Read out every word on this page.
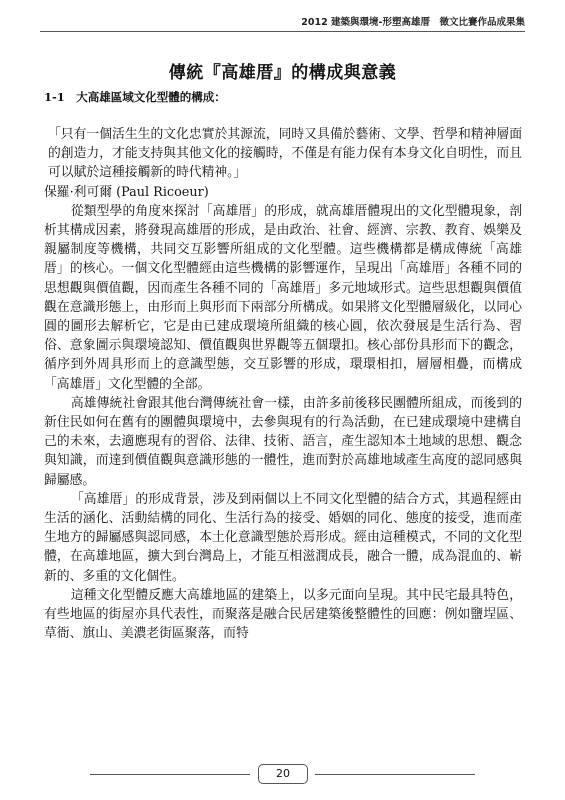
2012 建築與環境-形塑高雄厝　徵文比賽作品成果集
傳統『高雄厝』的構成與意義
1-1　大高雄區域文化型體的構成：

「只有一個活生生的文化忠實於其源流，同時又具備於藝術、文學、哲學和精神層面的創造力，才能支持與其他文化的接觸時，不僅是有能力保有本身文化自明性，而且可以賦於這種接觸新的時代精神。」

保羅·利可爾 (Paul Ricoeur)

從類型學的角度來探討「高雄厝」的形成，就高雄厝體現出的文化型體現象，剖析其構成因素，將發現高雄厝的形成，是由政治、社會、經濟、宗教、教育、娛樂及親屬制度等機構，共同交互影響所組成的文化型體。這些機構都是構成傳統「高雄厝」的核心。一個文化型體經由這些機構的影響運作，呈現出「高雄厝」各種不同的思想觀與價值觀，因而產生各種不同的「高雄厝」多元地域形式。這些思想觀與價值觀在意識形態上，由形而上與形而下兩部分所構成。如果將文化型體層級化，以同心圓的圖形去解析它，它是由已建成環境所組織的核心圓，依次發展是生活行為、習俗、意象圖示與環境認知、價值觀與世界觀等五個環扣。核心部份具形而下的觀念，循序到外周具形而上的意識型態，交互影響的形成，環環相扣，層層相疊，而構成「高雄厝」文化型體的全部。

高雄傳統社會跟其他台灣傳統社會一樣，由許多前後移民團體所組成，而後到的新住民如何在舊有的團體與環境中，去參與現有的行為活動，在已建成環境中建構自己的未來，去適應現有的習俗、法律、技術、語言，產生認知本土地域的思想、觀念與知識，而達到價值觀與意識形態的一體性，進而對於高雄地域產生高度的認同感與歸屬感。

「高雄厝」的形成背景，涉及到兩個以上不同文化型體的結合方式，其過程經由生活的涵化、活動結構的同化、生活行為的接受、婚姻的同化、態度的接受，進而產生地方的歸屬感與認同感，本土化意識型態於焉形成。經由這種模式，不同的文化型體，在高雄地區，擴大到台灣島上，才能互相滋潤成長，融合一體，成為混血的、嶄新的、多重的文化個性。

這種文化型體反應大高雄地區的建築上，以多元面向呈現。其中民宅最具特色，有些地區的街屋亦具代表性，而聚落是融合民居建築後整體性的回應：例如鹽埕區、草衙、旗山、美濃老街區聚落，而特

20
